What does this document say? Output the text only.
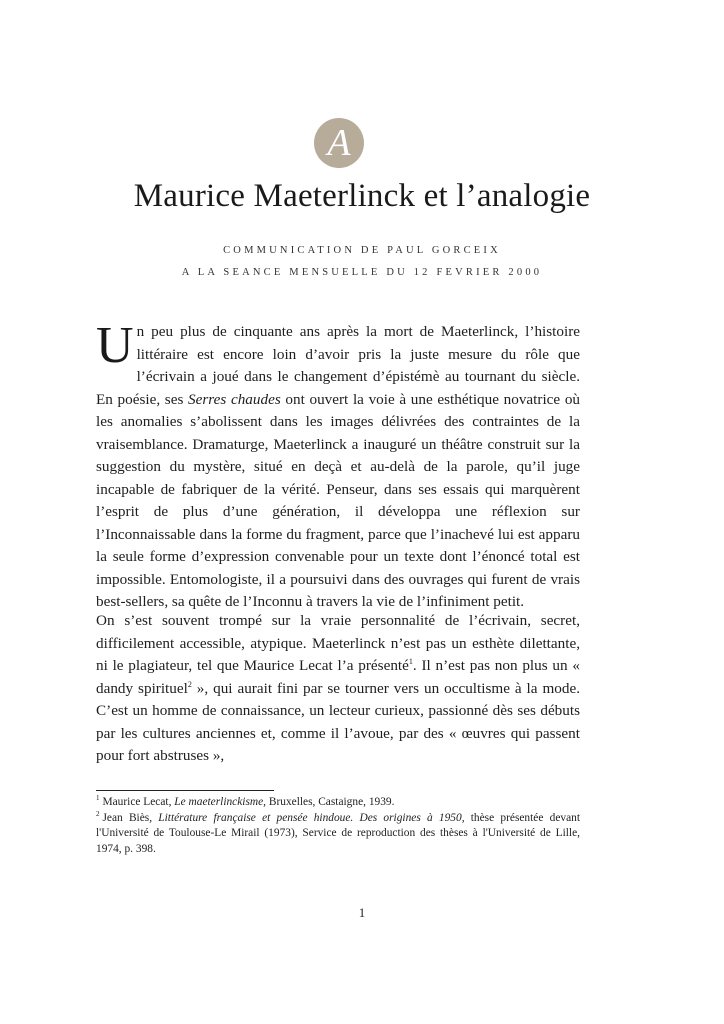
A
Maurice Maeterlinck et l’analogie
COMMUNICATION DE PAUL GORCEIX
A LA SEANCE MENSUELLE DU 12 FEVRIER 2000

Un peu plus de cinquante ans après la mort de Maeterlinck, l’histoire littéraire est encore loin d’avoir pris la juste mesure du rôle que l’écrivain a joué dans le changement d’épistémè au tournant du siècle. En poésie, ses Serres chaudes ont ouvert la voie à une esthétique novatrice où les anomalies s’abolissent dans les images délivrées des contraintes de la vraisemblance. Dramaturge, Maeterlinck a inauguré un théâtre construit sur la suggestion du mystère, situé en deçà et au-delà de la parole, qu’il juge incapable de fabriquer de la vérité. Penseur, dans ses essais qui marquèrent l’esprit de plus d’une génération, il développa une réflexion sur l’Inconnaissable dans la forme du fragment, parce que l’inachevé lui est apparu la seule forme d’expression convenable pour un texte dont l’énoncé total est impossible. Entomologiste, il a poursuivi dans des ouvrages qui furent de vrais best-sellers, sa quête de l’Inconnu à travers la vie de l’infiniment petit.

On s’est souvent trompé sur la vraie personnalité de l’écrivain, secret, difficilement accessible, atypique. Maeterlinck n’est pas un esthète dilettante, ni le plagiateur, tel que Maurice Lecat l’a présenté$^1$. Il n’est pas non plus un « dandy spirituel$^2$ », qui aurait fini par se tourner vers un occultisme à la mode. C’est un homme de connaissance, un lecteur curieux, passionné dès ses débuts par les cultures anciennes et, comme il l’avoue, par des « œuvres qui passent pour fort abstruses »,

$^1$ Maurice Lecat, Le maeterlinckisme, Bruxelles, Castaigne, 1939.

$^2$ Jean Biès, Littérature française et pensée hindoue. Des origines à 1950, thèse présentée devant l'Université de Toulouse-Le Mirail (1973), Service de reproduction des thèses à l'Université de Lille, 1974, p. 398.

1
